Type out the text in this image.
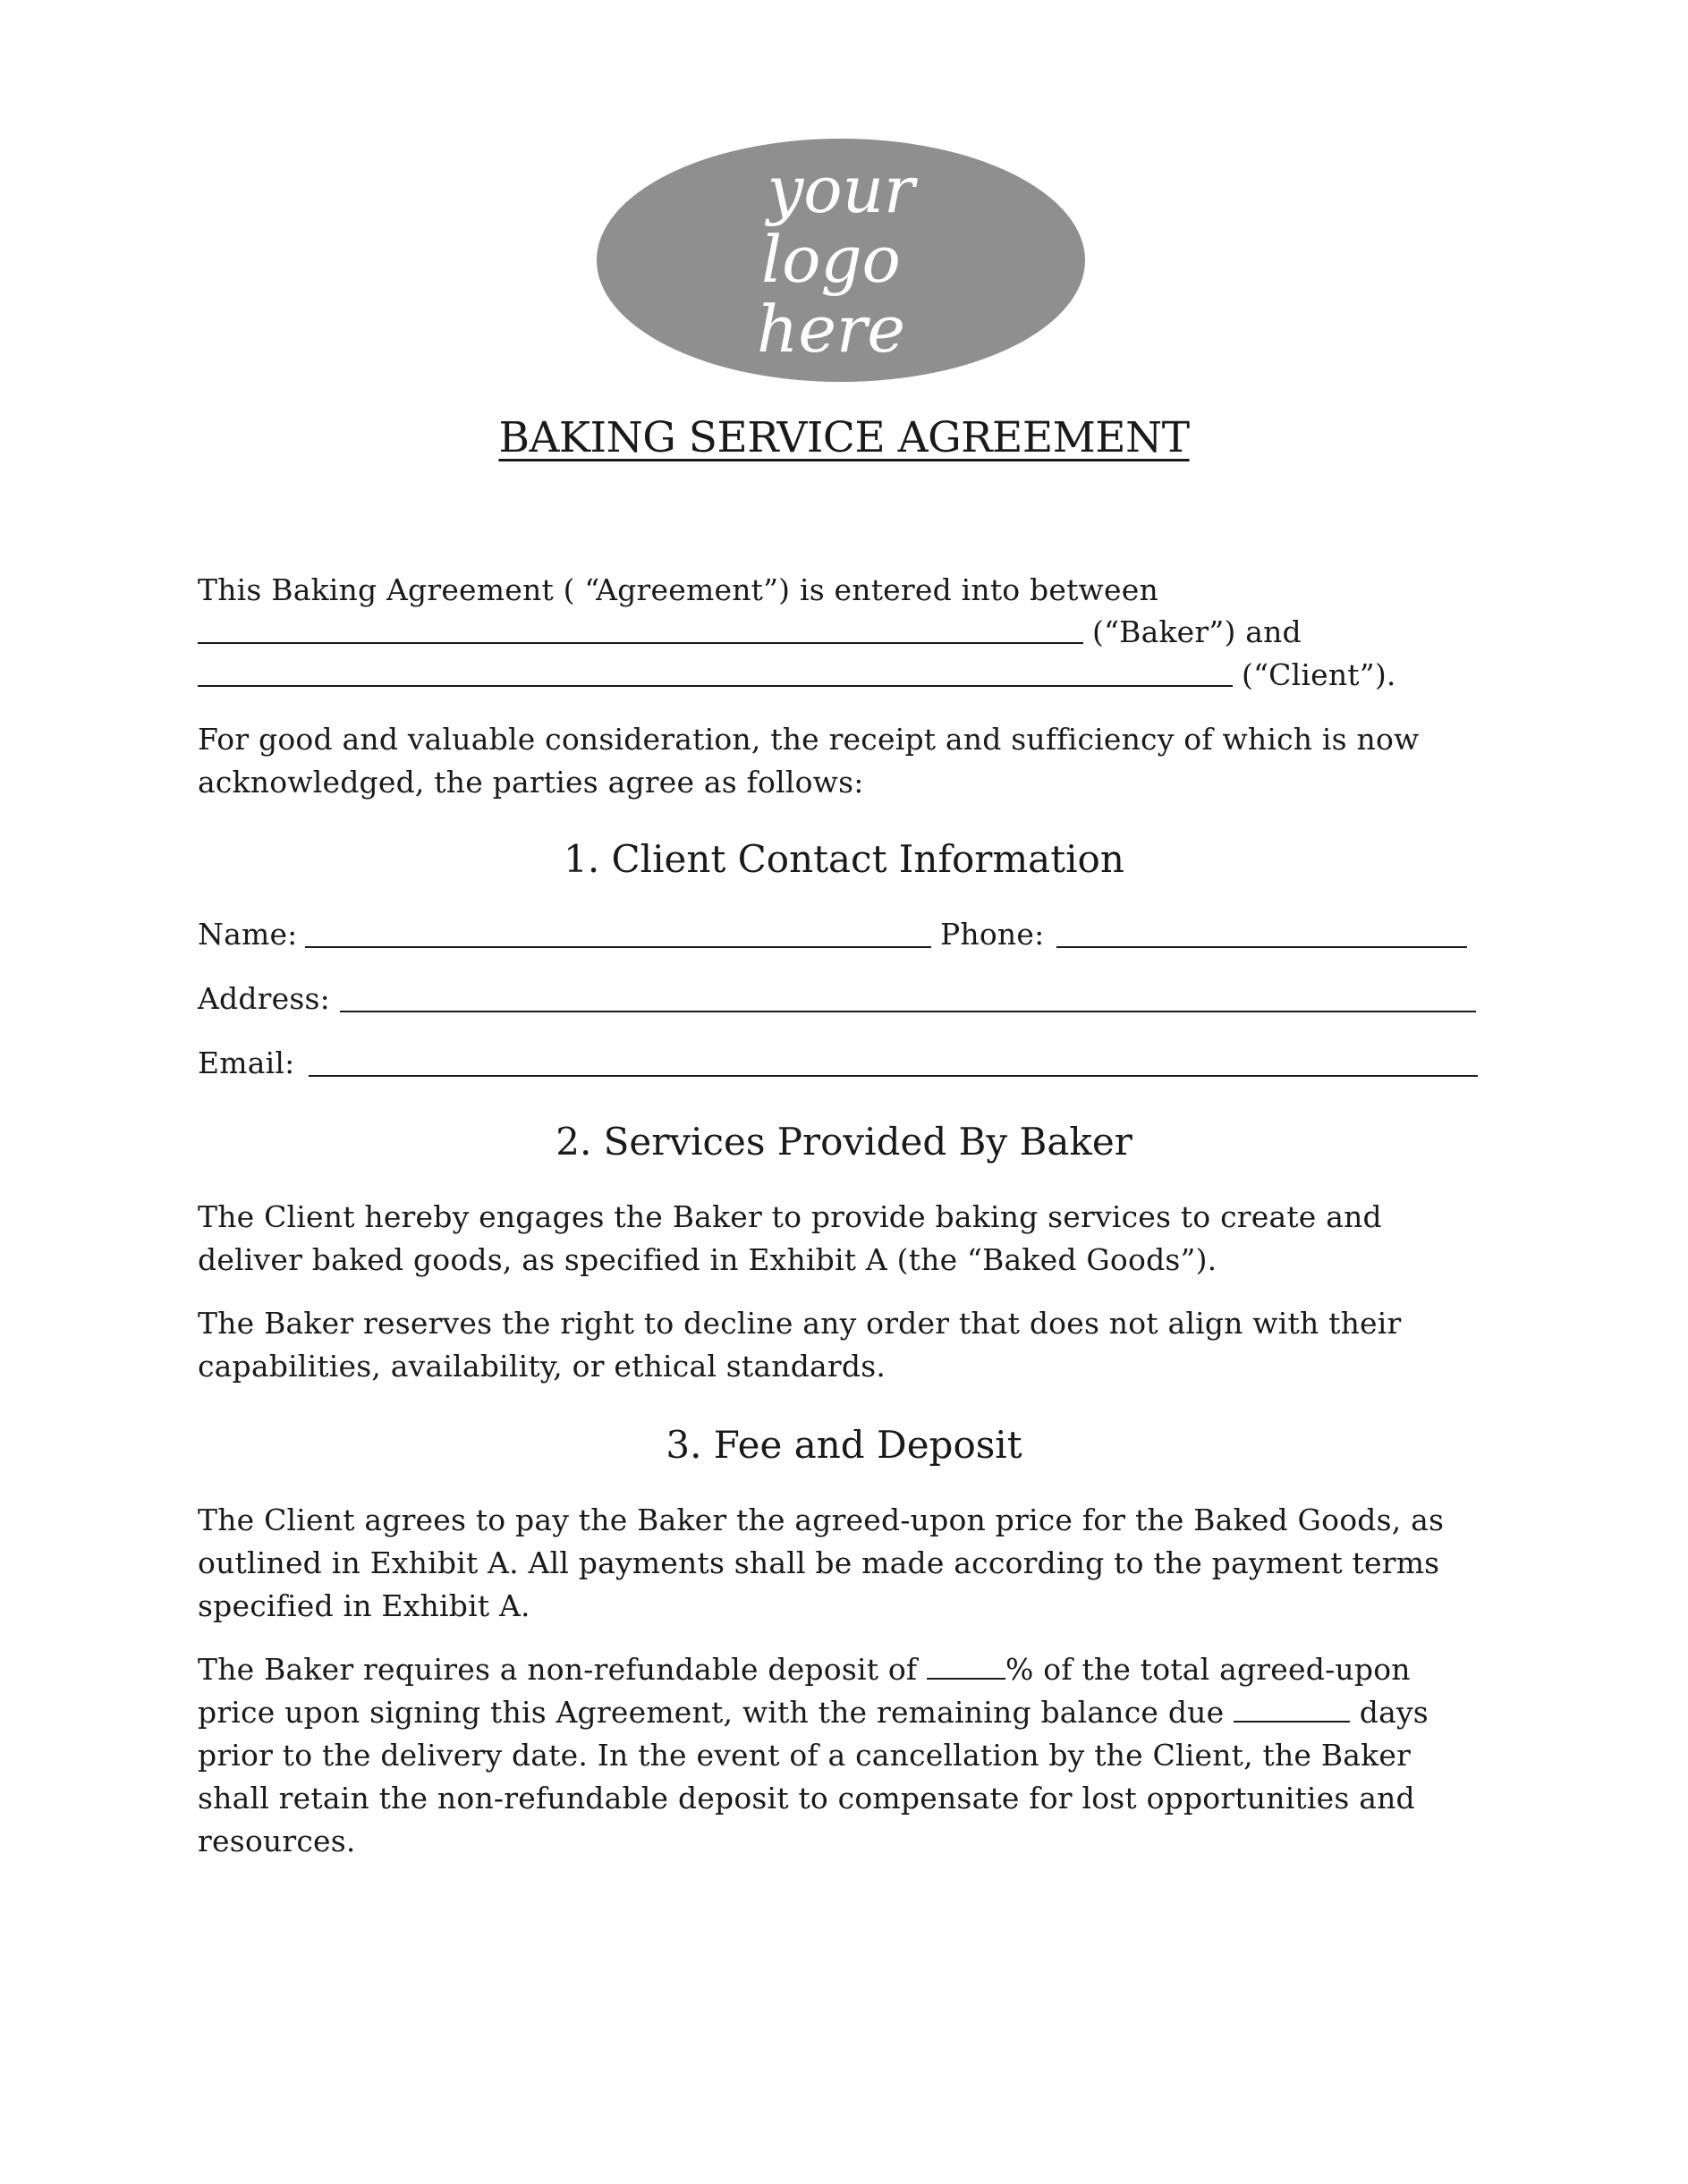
your
logo
here
BAKING SERVICE AGREEMENT
This Baking Agreement ( “Agreement”) is entered into between
(“Baker”) and
(“Client”).
For good and valuable consideration, the receipt and sufficiency of which is now
acknowledged, the parties agree as follows:
1. Client Contact Information
Name:	Phone:
Address:
Email:
2. Services Provided By Baker
The Client hereby engages the Baker to provide baking services to create and
deliver baked goods, as specified in Exhibit A (the “Baked Goods”).
The Baker reserves the right to decline any order that does not align with their
capabilities, availability, or ethical standards.
3. Fee and Deposit
The Client agrees to pay the Baker the agreed-upon price for the Baked Goods, as
outlined in Exhibit A. All payments shall be made according to the payment terms
specified in Exhibit A.
The Baker requires a non-refundable deposit of	% of the total agreed-upon
price upon signing this Agreement, with the remaining balance due	days
prior to the delivery date. In the event of a cancellation by the Client, the Baker
shall retain the non-refundable deposit to compensate for lost opportunities and
resources.
